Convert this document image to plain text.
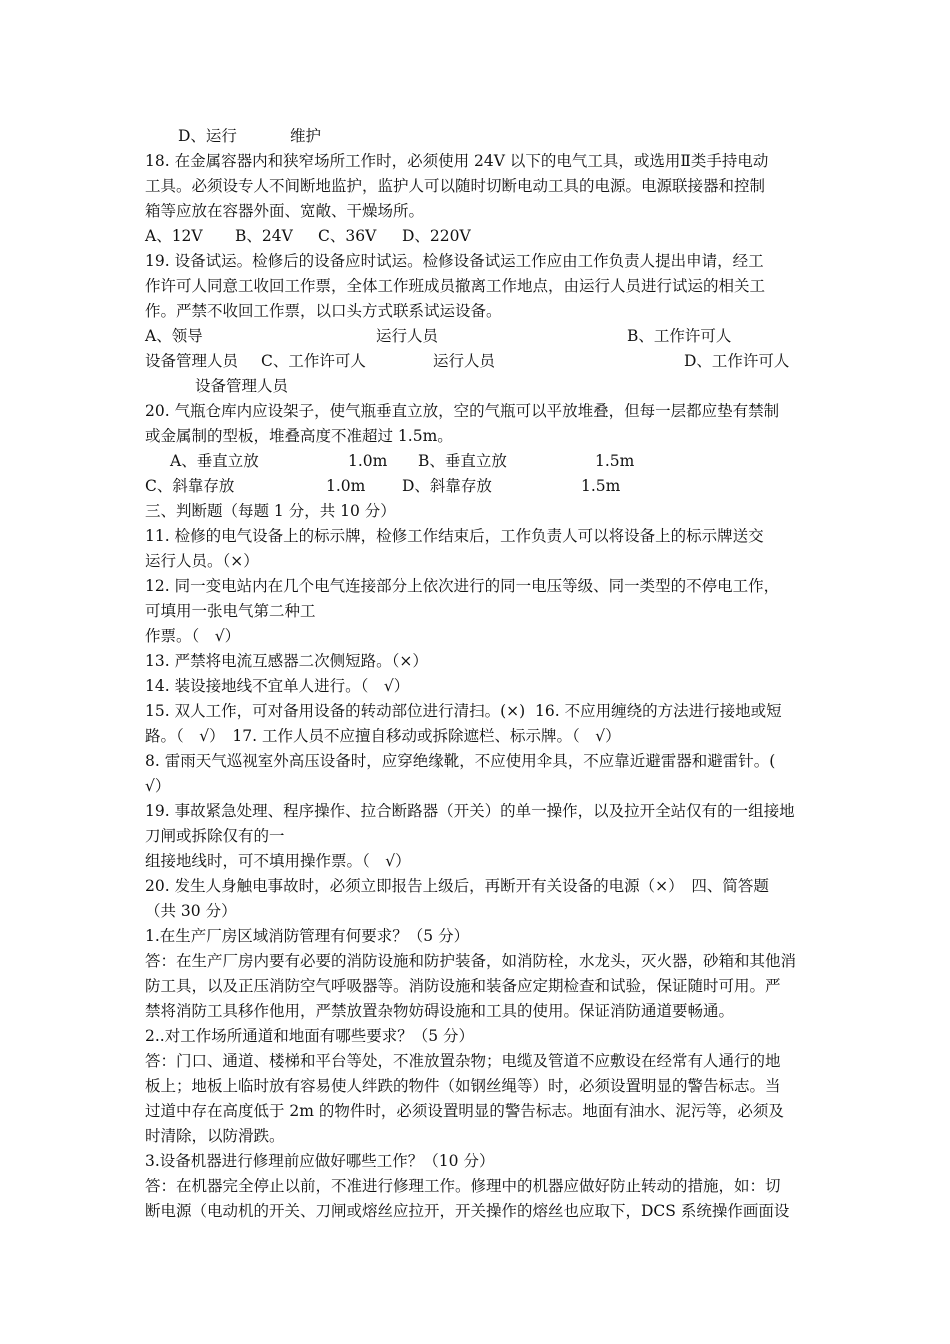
D、运行	维护
18. 在金属容器内和狭窄场所工作时，必须使用 24V 以下的电气工具，或选用Ⅱ类手持电动
工具。必须设专人不间断地监护，监护人可以随时切断电动工具的电源。电源联接器和控制
箱等应放在容器外面、宽敞、干燥场所。
A、12V B、24V C、36V D、220V
19. 设备试运。检修后的设备应时试运。检修设备试运工作应由工作负责人提出申请，经工
作许可人同意工收回工作票，全体工作班成员撤离工作地点，由运行人员进行试运的相关工
作。严禁不收回工作票，以口头方式联系试运设备。
A、领导	运行人员	B、工作许可人
设备管理人员 C、工作许可人	运行人员	D、工作许可人
设备管理人员
20. 气瓶仓库内应设架子，使气瓶垂直立放，空的气瓶可以平放堆叠，但每一层都应垫有禁制
或金属制的型板，堆叠高度不准超过 1.5m。
A、垂直立放	1.0m B、垂直立放	1.5m
C、斜靠存放	1.0m D、斜靠存放	1.5m
三、判断题（每题 1 分，共 10 分）
11. 检修的电气设备上的标示牌，检修工作结束后，工作负责人可以将设备上的标示牌送交
运行人员。（×）
12. 同一变电站内在几个电气连接部分上依次进行的同一电压等级、同一类型的不停电工作，
可填用一张电气第二种工
作票。（　√）
13. 严禁将电流互感器二次侧短路。（×）
14. 装设接地线不宜单人进行。（　√）
15. 双人工作，可对备用设备的转动部位进行清扫。(×)  16. 不应用缠绕的方法进行接地或短
路。（　√）　17. 工作人员不应擅自移动或拆除遮栏、标示牌。（　√）
8. 雷雨天气巡视室外高压设备时，应穿绝缘靴，不应使用伞具，不应靠近避雷器和避雷针。(
√）
19. 事故紧急处理、程序操作、拉合断路器（开关）的单一操作，以及拉开全站仅有的一组接地
刀闸或拆除仅有的一
组接地线时，可不填用操作票。（　√）
20. 发生人身触电事故时，必须立即报告上级后，再断开有关设备的电源（×）　四、简答题
（共 30 分）
1.在生产厂房区域消防管理有何要求？（5 分）
答：在生产厂房内要有必要的消防设施和防护装备，如消防栓，水龙头，灭火器，砂箱和其他消
防工具，以及正压消防空气呼吸器等。消防设施和装备应定期检查和试验，保证随时可用。严
禁将消防工具移作他用，严禁放置杂物妨碍设施和工具的使用。保证消防通道要畅通。
2..对工作场所通道和地面有哪些要求？（5 分）
答：门口、通道、楼梯和平台等处，不准放置杂物；电缆及管道不应敷设在经常有人通行的地
板上；地板上临时放有容易使人绊跌的物件（如钢丝绳等）时，必须设置明显的警告标志。当
过道中存在高度低于 2m 的物件时，必须设置明显的警告标志。地面有油水、泥污等，必须及
时清除，以防滑跌。
3.设备机器进行修理前应做好哪些工作？（10 分）
答：在机器完全停止以前，不准进行修理工作。修理中的机器应做好防止转动的措施，如：切
断电源（电动机的开关、刀闸或熔丝应拉开，开关操作的熔丝也应取下，DCS 系统操作画面设
